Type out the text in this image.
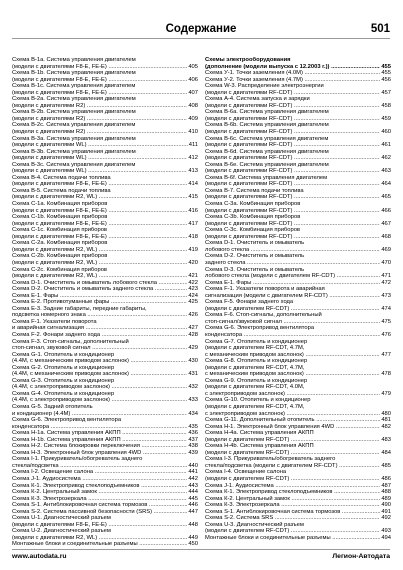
Содержание	501
Схема В-1а. Система управления двигателем
(модели с двигателями F8-E, FE-E) .....	405
Схема В-1b. Система управления двигателем
(модели с двигателями F8-E, FE-E) .....	406
Схема В-1с. Система управления двигателем
(модели с двигателями F8-E, FE-E) .....	407
Схема В-2а. Система управления двигателем
(модели с двигателями R2) .....	408
Схема В-2b. Система управления двигателем
(модели с двигателями R2) .....	409
Схема В-2с. Система управления двигателем
(модели с двигателями R2) .....	410
Схема В-3а. Система управления двигателем
(модели с двигателями WL) .....	411
Схема В-3b. Система управления двигателем
(модели с двигателями WL) .....	412
Схема В-3с. Система управления двигателем
(модели с двигателями WL) .....	413
Схема В-4. Система подачи топлива
(модели с двигателями F8-E, FE-E) .....	414
Схема В-5. Система подачи топлива
(модели с двигателями R2, WL) .....	415
Схема С-1а. Комбинация приборов
(модели с двигателями F8-E, FE-E) .....	416
Схема С-1b. Комбинация приборов
(модели с двигателями F8-E, FE-E) .....	417
Схема С-1с. Комбинация приборов
(модели с двигателями F8-E, FE-E) .....	418
Схема С-2а. Комбинация приборов
(модели с двигателями R2, WL) .....	419
Схема С-2b. Комбинация приборов
(модели с двигателями R2, WL) .....	420
Схема С-2с. Комбинация приборов
(модели с двигателями R2, WL) .....	421
Схема D-1. Очиститель и омыватель лобового стекла .....	422
Схема D-2. Очиститель и омыватель заднего стекла .....	423
Схема Е-1. Фары .....	424
Схема Е-2. Противотуманные фары .....	425
Схема Е-3. Задние габариты, передние габариты,
подсветка номерного знака .....	426
Схема F-1. Указатели поворота
и аварийная сигнализация .....	427
Схема F-2. Фонари заднего хода .....	428
Схема F-3. Стоп-сигналы, дополнительный
стоп-сигнал, звуковой сигнал .....	429
Схема G-1. Отопитель и кондиционер
(4.4М, с механическим приводом заслонок) .....	430
Схема G-2. Отопитель и кондиционер
(4.4М, с механическим приводом заслонок) .....	431
Схема G-3. Отопитель и кондиционер
(4.4М, с электроприводом заслонок) .....	432
Схема G-4. Отопитель и кондиционер
(4.4М, с электроприводом заслонок) .....	433
Схема G-5. Задний отопитель
и кондиционер (4.4М) .....	434
Схема G-6. Электропривод вентилятора
конденсатора .....	435
Схема Н-1а. Система управления АКПП .....	436
Схема Н-1b. Система управления АКПП .....	437
Схема Н-2. Система блокировки переключения .....	438
Схема Н-3. Электронный блок управления 4WD .....	439
Схема I-1. Прикуриватель/обогреватель заднего
стекла/подсветка .....	440
Схема I-2. Освещение салона .....	441
Схема J-1. Аудиосистема .....	442
Схема К-1. Электропривод стеклоподъемников .....	443
Схема К-2. Центральный замок .....	444
Схема К-3. Электрозеркала .....	445
Схема S-1. Антиблокировочная система тормозов .....	446
Схема S-2. Система пассивной безопасности (SRS) .....	447
Схема U-1. Диагностический разъем
(модели с двигателями F8-E, FE-E) .....	448
Схема U-2. Диагностический разъем
(модели с двигателями R2, WL) .....	449
Монтажные блоки и соединительные разъемы .....	450
Схемы электрооборудования
(дополнение (модели выпуска с 12.2003 г.)) .....	455
Схема У-1. Точки заземления (4.0M) .....	455
Схема У-2. Точки заземления (4.7M) .....	456
Схема W-3. Распределение электроэнергии
(модели с двигателями RF-CDT) .....	457
Схема А-4. Система запуска и зарядки
(модели с двигателями RF-CDT) .....	458
Схема В-6а. Система управления двигателем
(модели с двигателями RF-CDT) .....	459
Схема В-6b. Система управления двигателем
(модели с двигателями RF-CDT) .....	460
Схема В-6с. Система управления двигателем
(модели с двигателями RF-CDT) .....	461
Схема В-6d. Система управления двигателем
(модели с двигателями RF-CDT) .....	462
Схема В-6е. Система управления двигателем
(модели с двигателями RF-CDT) .....	463
Схема В-6f. Система управления двигателем
(модели с двигателями RF-CDT) .....	464
Схема В-7. Система подачи топлива
(модели с двигателями RF-CDT) .....	465
Схема С-3а. Комбинация приборов
(модели с двигателями RF-CDT) .....	466
Схема С-3b. Комбинация приборов
(модели с двигателями RF-CDT) .....	467
Схема С-3с. Комбинация приборов
(модели с двигателями RF-CDT) .....	468
Схема D-1. Очиститель и омыватель
лобового стекла .....	469
Схема D-2. Очиститель и омыватель
заднего стекла .....	470
Схема D-3. Очиститель и омыватель
лобового стекла (модели с двигателем RF-CDT) .....	471
Схема Е-1. Фары .....	472
Схема F-1. Указатели поворота и аварийная
сигнализация (модели с двигателем RF-CDT) .....	473
Схема F-5. Фонари заднего хода
(модели с двигателем RF-CDT) .....	474
Схема F-6. Стоп-сигналы, дополнительный
стоп-сигнал/звуковой сигнал .....	475
Схема G-6. Электропривод вентилятора
конденсатора .....	476
Схема G-7. Отопитель и кондиционер
(модели с двигателем RF-CDT, 4.7M,
с механическим приводом заслонок) .....	477
Схема G-8. Отопитель и кондиционер
(модели с двигателем RF-CDT, 4.7M,
с механическим приводом заслонок) .....	478
Схема G-9. Отопитель и кондиционер
(модели с двигателем RF-CDT, 4.0M,
с электроприводом заслонок) .....	479
Схема G-10. Отопитель и кондиционер
(модели с двигателем RF-CDT, 4.7M,
с электроприводом заслонок) .....	480
Схема G-11. Дополнительный отопитель .....	481
Схема Н-1. Электронный блок управления 4WD .....	482
Схема Н-4а. Система управления АКПП
(модели с двигателем RF-CDT) .....	483
Схема Н-4b. Система управления АКПП
(модели с двигателем RF-CDT) .....	484
Схема I-3. Прикуриватель/обогреватель заднего
стекла/подсветка (модели с двигателем RF-CDT) .....	485
Схема I-4. Освещение салона
(модели с двигателем RF-CDT) .....	486
Схема J-1. Аудиосистема .....	487
Схема К-1. Электропривод стеклоподъемников .....	488
Схема К-2. Центральный замок .....	489
Схема К-3. Электрозеркала .....	490
Схема S-1. Антиблокировочная система тормозов .....	491
Схема S-2. Система SRS .....	492
Схема U-3. Диагностический разъем
(модели с двигателем RF-CDT) .....	493
Монтажные блоки и соединительные разъемы .....	494
www.autodata.ru	Легион-Автодата
